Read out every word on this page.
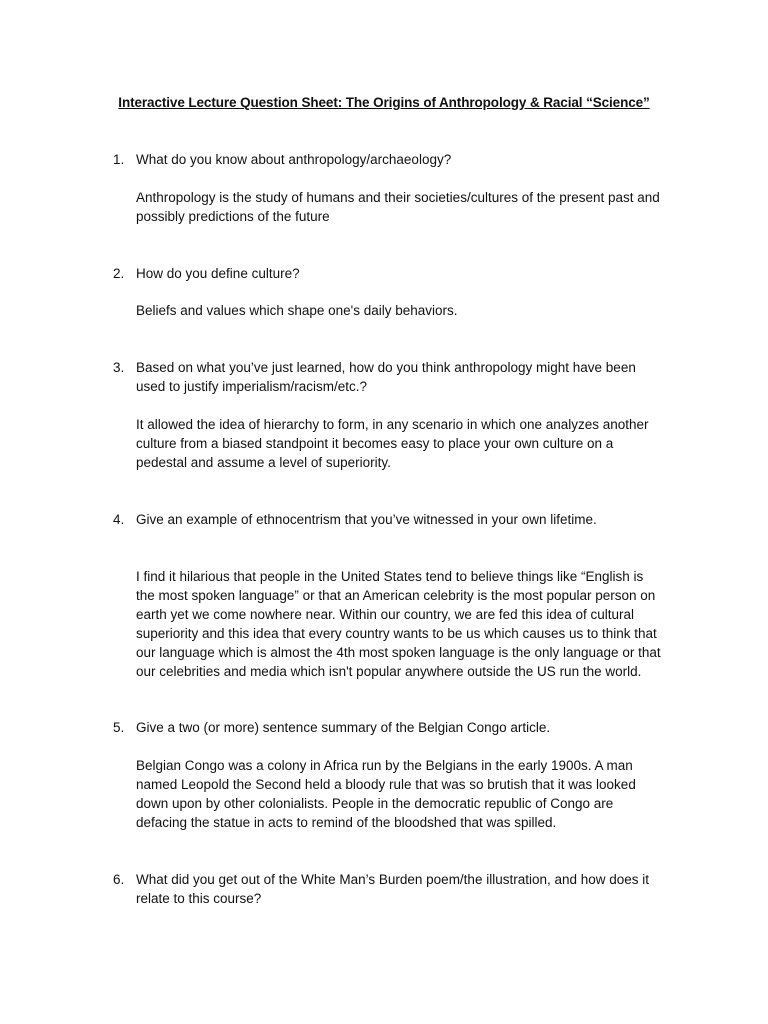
Interactive Lecture Question Sheet: The Origins of Anthropology & Racial “Science”
1. What do you know about anthropology/archaeology?
Anthropology is the study of humans and their societies/cultures of the present past and
possibly predictions of the future
2. How do you define culture?
Beliefs and values which shape one's daily behaviors.
3. Based on what you’ve just learned, how do you think anthropology might have been
used to justify imperialism/racism/etc.?
It allowed the idea of hierarchy to form, in any scenario in which one analyzes another
culture from a biased standpoint it becomes easy to place your own culture on a
pedestal and assume a level of superiority.
4. Give an example of ethnocentrism that you’ve witnessed in your own lifetime.
I find it hilarious that people in the United States tend to believe things like “English is
the most spoken language” or that an American celebrity is the most popular person on
earth yet we come nowhere near. Within our country, we are fed this idea of cultural
superiority and this idea that every country wants to be us which causes us to think that
our language which is almost the 4th most spoken language is the only language or that
our celebrities and media which isn't popular anywhere outside the US run the world.
5. Give a two (or more) sentence summary of the Belgian Congo article.
Belgian Congo was a colony in Africa run by the Belgians in the early 1900s. A man
named Leopold the Second held a bloody rule that was so brutish that it was looked
down upon by other colonialists. People in the democratic republic of Congo are
defacing the statue in acts to remind of the bloodshed that was spilled.
6. What did you get out of the White Man’s Burden poem/the illustration, and how does it
relate to this course?
